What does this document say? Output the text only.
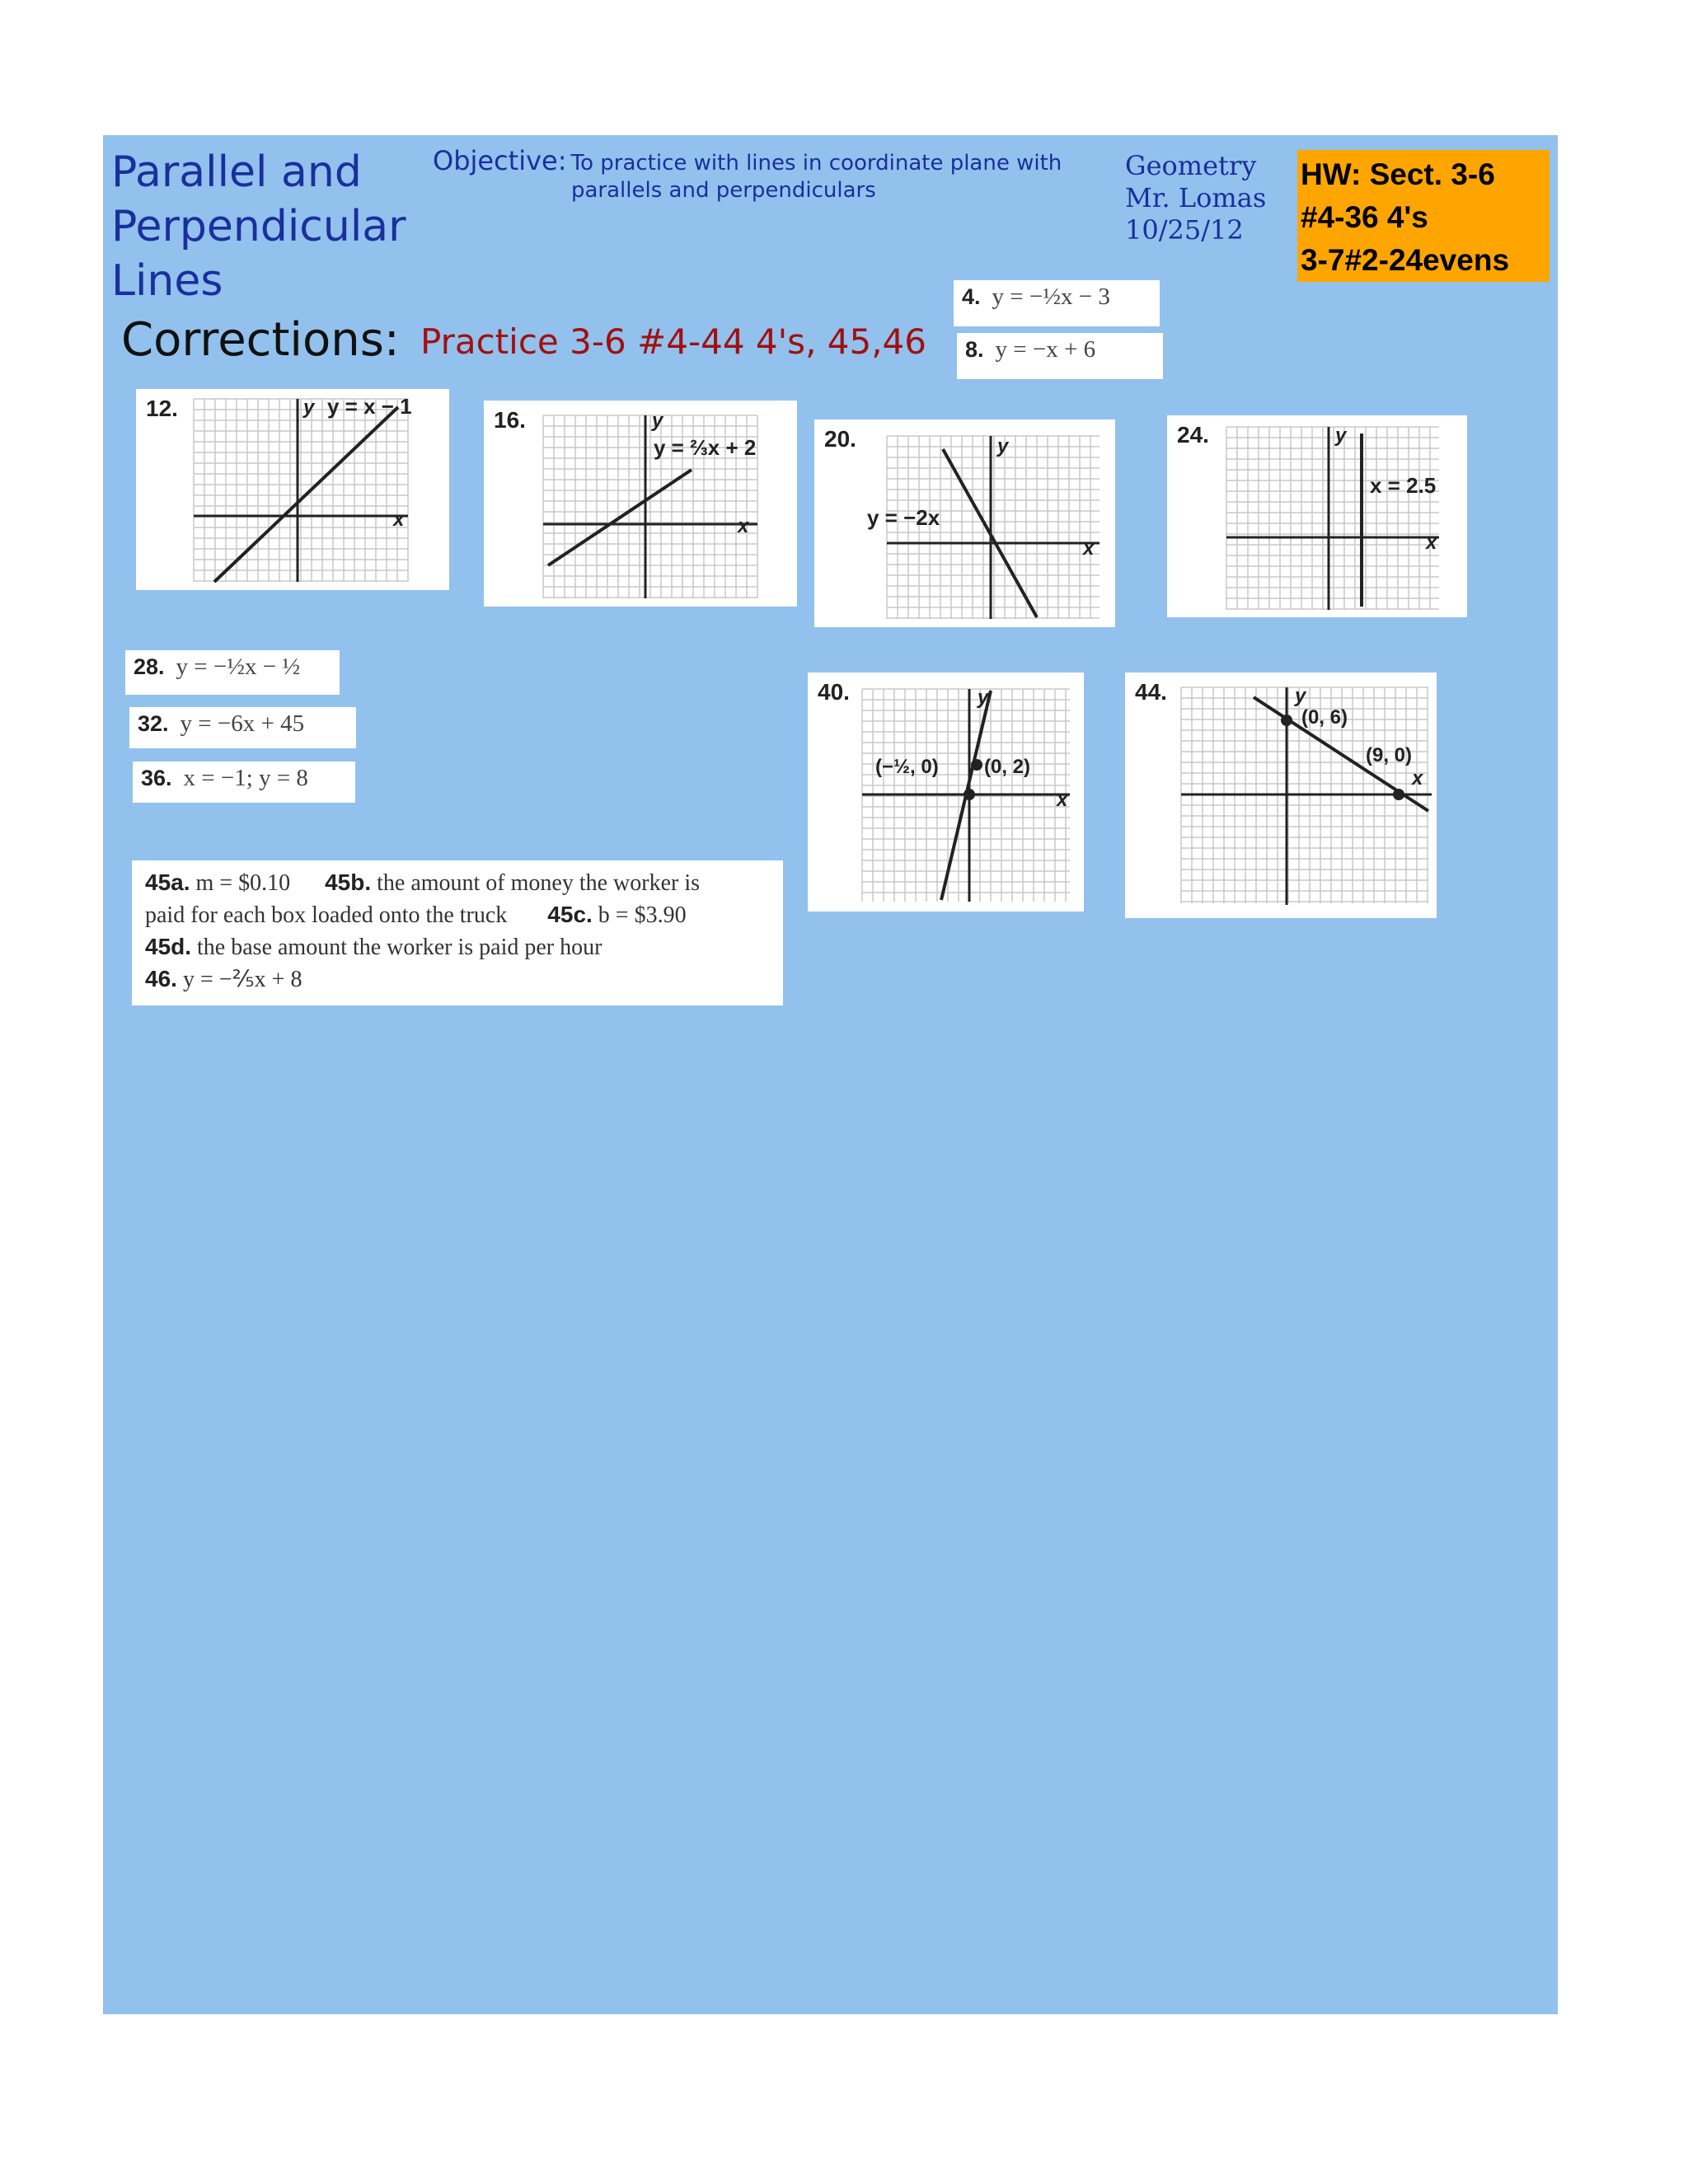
Parallel and
Perpendicular
Lines
Objective: To practice with lines in coordinate plane with
parallels and perpendiculars
Geometry
Mr. Lomas
10/25/12
HW: Sect. 3-6
#4-36 4's
3-7#2-24evens
Corrections: Practice 3-6 #4-44 4's, 45,46
4. y = −½x − 3
8. y = −x + 6
28. y = −½x − ½
32. y = −6x + 45
36. x = −1; y = 8
12.	y = x − 1
x
y	16.
y = ⅔x + 2
x
y
20.
y = −2x
x
y	24.
x = 2.5
x
y
40.
(−½, 0) (0, 2)
x
y	44.
(0, 6)
(9, 0)
x
y
45a. m = $0.10 45b. the amount of money the worker is
paid for each box loaded onto the truck 45c. b = $3.90
45d. the base amount the worker is paid per hour
46. y = −⅖x + 8
